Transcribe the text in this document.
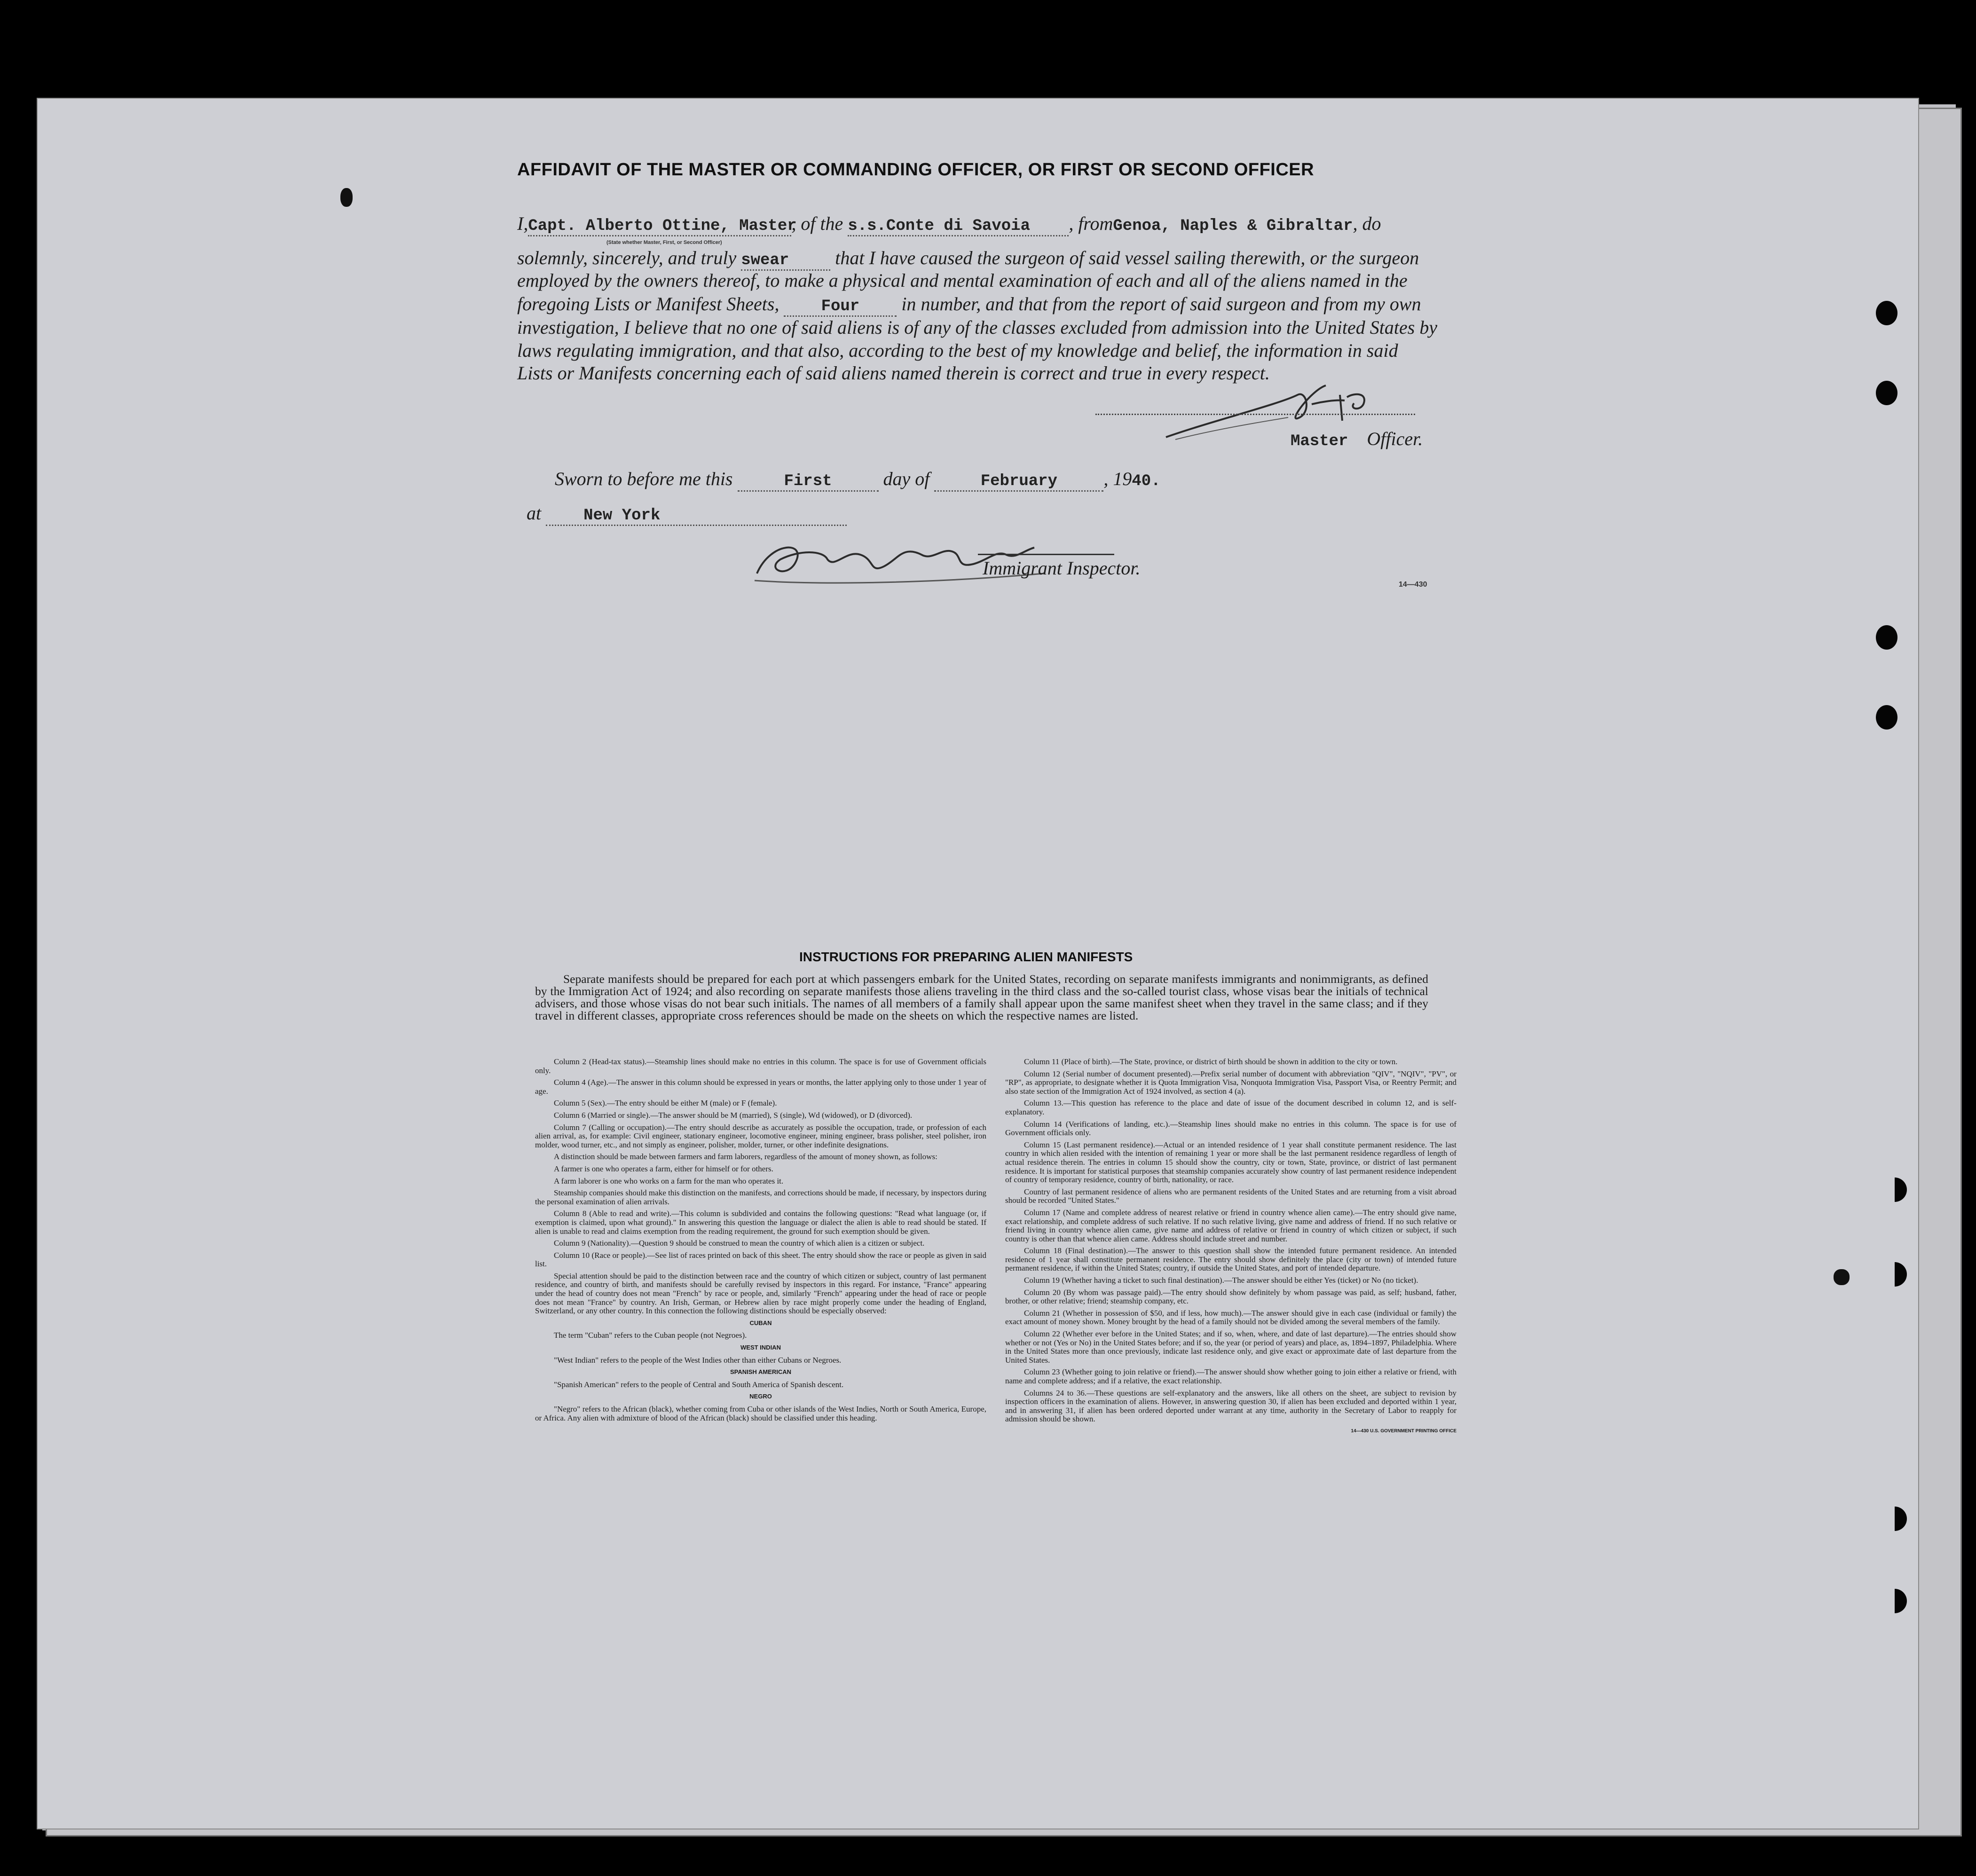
AFFIDAVIT OF THE MASTER OR COMMANDING OFFICER, OR FIRST OR SECOND OFFICER
I,Capt. Alberto Ottine, Master, of the s.s.Conte di Savoia , fromGenoa, Naples & Gibraltar, do
(State whether Master, First, or Second Officer)
solemnly, sincerely, and truly swear that I have caused the surgeon of said vessel sailing therewith, or the surgeon
employed by the owners thereof, to make a physical and mental examination of each and all of the aliens named in the
foregoing Lists or Manifest Sheets,	Four in number, and that from the report of said surgeon and from my own
investigation, I believe that no one of said aliens is of any of the classes excluded from admission into the United States by
laws regulating immigration, and that also, according to the best of my knowledge and belief, the information in said
Lists or Manifests concerning each of said aliens named therein is correct and true in every respect.
Master Officer.
Sworn to before me this	First	day of	February , 1940.
at	New York
Immigrant Inspector.
14—430
INSTRUCTIONS FOR PREPARING ALIEN MANIFESTS
Separate manifests should be prepared for each port at which passengers embark for the United States, recording on separate manifests immigrants and nonimmigrants, as defined by the Immigration Act of 1924; and also recording on separate manifests those aliens traveling in the third class and the so-called tourist class, whose visas bear the initials of technical advisers, and those whose visas do not bear such initials. The names of all members of a family shall appear upon the same manifest sheet when they travel in the same class; and if they travel in different classes, appropriate cross references should be made on the sheets on which the respective names are listed.

Column 2 (Head-tax status).—Steamship lines should make no entries in this column. The space is for use of Government officials only.

Column 4 (Age).—The answer in this column should be expressed in years or months, the latter applying only to those under 1 year of age.

Column 5 (Sex).—The entry should be either M (male) or F (female).

Column 6 (Married or single).—The answer should be M (married), S (single), Wd (widowed), or D (divorced).

Column 7 (Calling or occupation).—The entry should describe as accurately as possible the occupation, trade, or profession of each alien arrival, as, for example: Civil engineer, stationary engineer, locomotive engineer, mining engineer, brass polisher, steel polisher, iron molder, wood turner, etc., and not simply as engineer, polisher, molder, turner, or other indefinite designations.

A distinction should be made between farmers and farm laborers, regardless of the amount of money shown, as follows:

A farmer is one who operates a farm, either for himself or for others.

A farm laborer is one who works on a farm for the man who operates it.

Steamship companies should make this distinction on the manifests, and corrections should be made, if necessary, by inspectors during the personal examination of alien arrivals.

Column 8 (Able to read and write).—This column is subdivided and contains the following questions: "Read what language (or, if exemption is claimed, upon what ground)." In answering this question the language or dialect the alien is able to read should be stated. If alien is unable to read and claims exemption from the reading requirement, the ground for such exemption should be given.

Column 9 (Nationality).—Question 9 should be construed to mean the country of which alien is a citizen or subject.

Column 10 (Race or people).—See list of races printed on back of this sheet. The entry should show the race or people as given in said list.

Special attention should be paid to the distinction between race and the country of which citizen or subject, country of last permanent residence, and country of birth, and manifests should be carefully revised by inspectors in this regard. For instance, "France" appearing under the head of country does not mean "French" by race or people, and, similarly "French" appearing under the head of race or people does not mean "France" by country. An Irish, German, or Hebrew alien by race might properly come under the heading of England, Switzerland, or any other country. In this connection the following distinctions should be especially observed:

CUBAN

The term "Cuban" refers to the Cuban people (not Negroes).

WEST INDIAN

"West Indian" refers to the people of the West Indies other than either Cubans or Negroes.

SPANISH AMERICAN

"Spanish American" refers to the people of Central and South America of Spanish descent.

NEGRO

"Negro" refers to the African (black), whether coming from Cuba or other islands of the West Indies, North or South America, Europe, or Africa. Any alien with admixture of blood of the African (black) should be classified under this heading.

Column 11 (Place of birth).—The State, province, or district of birth should be shown in addition to the city or town.

Column 12 (Serial number of document presented).—Prefix serial number of document with abbreviation "QIV", "NQIV", "PV", or "RP", as appropriate, to designate whether it is Quota Immigration Visa, Nonquota Immigration Visa, Passport Visa, or Reentry Permit; and also state section of the Immigration Act of 1924 involved, as section 4 (a).

Column 13.—This question has reference to the place and date of issue of the document described in column 12, and is self-explanatory.

Column 14 (Verifications of landing, etc.).—Steamship lines should make no entries in this column. The space is for use of Government officials only.

Column 15 (Last permanent residence).—Actual or an intended residence of 1 year shall constitute permanent residence. The last country in which alien resided with the intention of remaining 1 year or more shall be the last permanent residence regardless of length of actual residence therein. The entries in column 15 should show the country, city or town, State, province, or district of last permanent residence. It is important for statistical purposes that steamship companies accurately show country of last permanent residence independent of country of temporary residence, country of birth, nationality, or race.

Country of last permanent residence of aliens who are permanent residents of the United States and are returning from a visit abroad should be recorded "United States."

Column 17 (Name and complete address of nearest relative or friend in country whence alien came).—The entry should give name, exact relationship, and complete address of such relative. If no such relative living, give name and address of friend. If no such relative or friend living in country whence alien came, give name and address of relative or friend in country of which citizen or subject, if such country is other than that whence alien came. Address should include street and number.

Column 18 (Final destination).—The answer to this question shall show the intended future permanent residence. An intended residence of 1 year shall constitute permanent residence. The entry should show definitely the place (city or town) of intended future permanent residence, if within the United States; country, if outside the United States, and port of intended departure.

Column 19 (Whether having a ticket to such final destination).—The answer should be either Yes (ticket) or No (no ticket).

Column 20 (By whom was passage paid).—The entry should show definitely by whom passage was paid, as self; husband, father, brother, or other relative; friend; steamship company, etc.

Column 21 (Whether in possession of $50, and if less, how much).—The answer should give in each case (individual or family) the exact amount of money shown. Money brought by the head of a family should not be divided among the several members of the family.

Column 22 (Whether ever before in the United States; and if so, when, where, and date of last departure).—The entries should show whether or not (Yes or No) in the United States before; and if so, the year (or period of years) and place, as, 1894–1897, Philadelphia. Where in the United States more than once previously, indicate last residence only, and give exact or approximate date of last departure from the United States.

Column 23 (Whether going to join relative or friend).—The answer should show whether going to join either a relative or friend, with name and complete address; and if a relative, the exact relationship.

Columns 24 to 36.—These questions are self-explanatory and the answers, like all others on the sheet, are subject to revision by inspection officers in the examination of aliens. However, in answering question 30, if alien has been excluded and deported within 1 year, and in answering 31, if alien has been ordered deported under warrant at any time, authority in the Secretary of Labor to reapply for admission should be shown.

14—430 U.S. GOVERNMENT PRINTING OFFICE
